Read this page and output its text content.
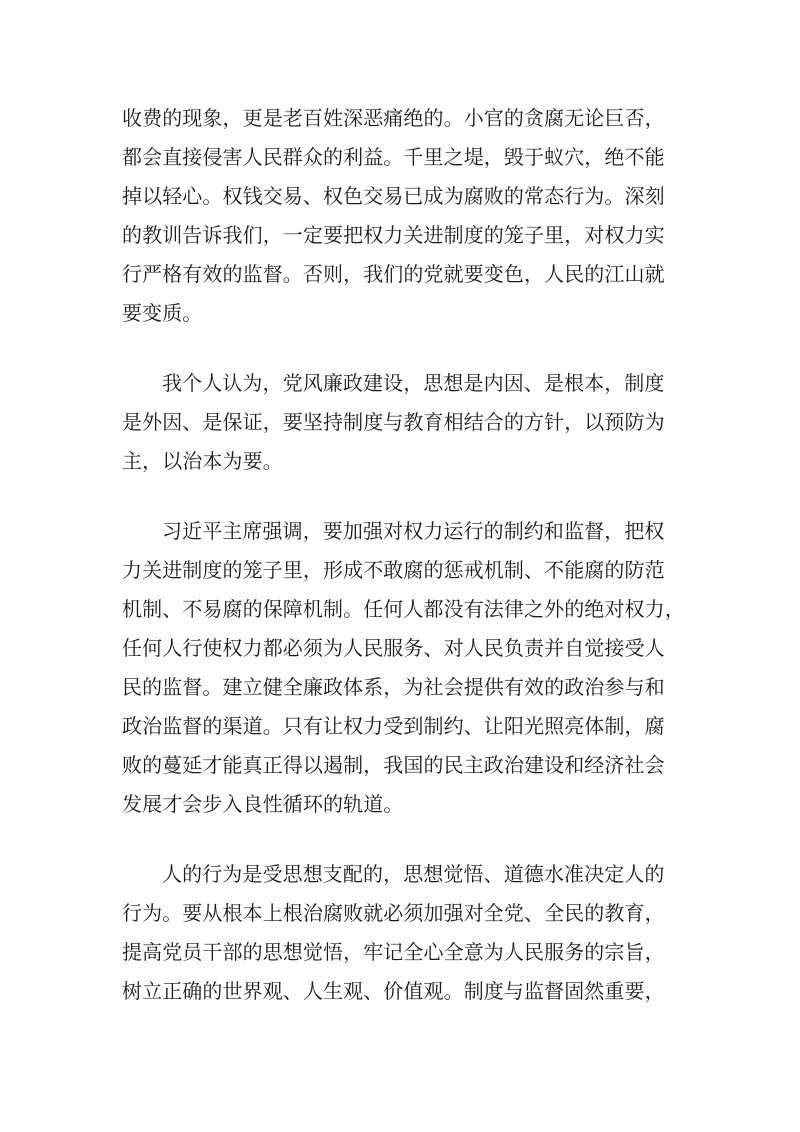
收费的现象，更是老百姓深恶痛绝的。小官的贪腐无论巨否，
都会直接侵害人民群众的利益。千里之堤，毁于蚁穴，绝不能
掉以轻心。权钱交易、权色交易已成为腐败的常态行为。深刻
的教训告诉我们，一定要把权力关进制度的笼子里，对权力实
行严格有效的监督。否则，我们的党就要变色，人民的江山就
要变质。

我个人认为，党风廉政建设，思想是内因、是根本，制度
是外因、是保证，要坚持制度与教育相结合的方针，以预防为
主，以治本为要。

习近平主席强调，要加强对权力运行的制约和监督，把权
力关进制度的笼子里，形成不敢腐的惩戒机制、不能腐的防范
机制、不易腐的保障机制。任何人都没有法律之外的绝对权力，
任何人行使权力都必须为人民服务、对人民负责并自觉接受人
民的监督。建立健全廉政体系，为社会提供有效的政治参与和
政治监督的渠道。只有让权力受到制约、让阳光照亮体制，腐
败的蔓延才能真正得以遏制，我国的民主政治建设和经济社会
发展才会步入良性循环的轨道。

人的行为是受思想支配的，思想觉悟、道德水准决定人的
行为。要从根本上根治腐败就必须加强对全党、全民的教育，
提高党员干部的思想觉悟，牢记全心全意为人民服务的宗旨，
树立正确的世界观、人生观、价值观。制度与监督固然重要，
